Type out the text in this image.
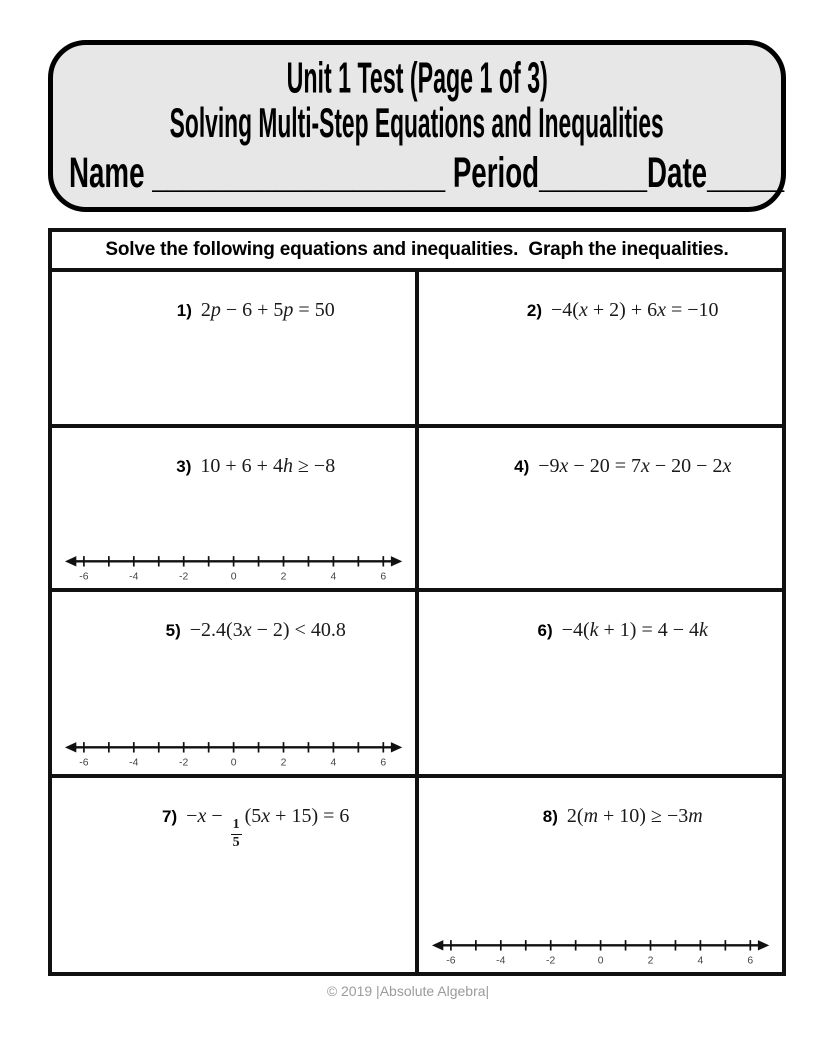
Unit 1 Test (Page 1 of 3)
Solving Multi-Step Equations and Inequalities
Name ___________________ Period_______Date_____
Solve the following equations and inequalities.  Graph the inequalities.

1) 2p − 6 + 5p = 50
	2) −4(x + 2) + 6x = −10

3) 10 + 6 + 4h ≥ −8

-6	-4	-2	0	2	4	6

4) −9x − 20 = 7x − 20 − 2x

5) −2.4(3x − 2) < 40.8

-6	-4	-2	0	2	4	6

6) −4(k + 1) = 4 − 4k

7) −x −
$\frac{1}{5}$
(5x + 15) = 6
	8) 2(m + 10) ≥ −3m

-6	-4	-2	0	2	4	6
© 2019 |Absolute Algebra|
